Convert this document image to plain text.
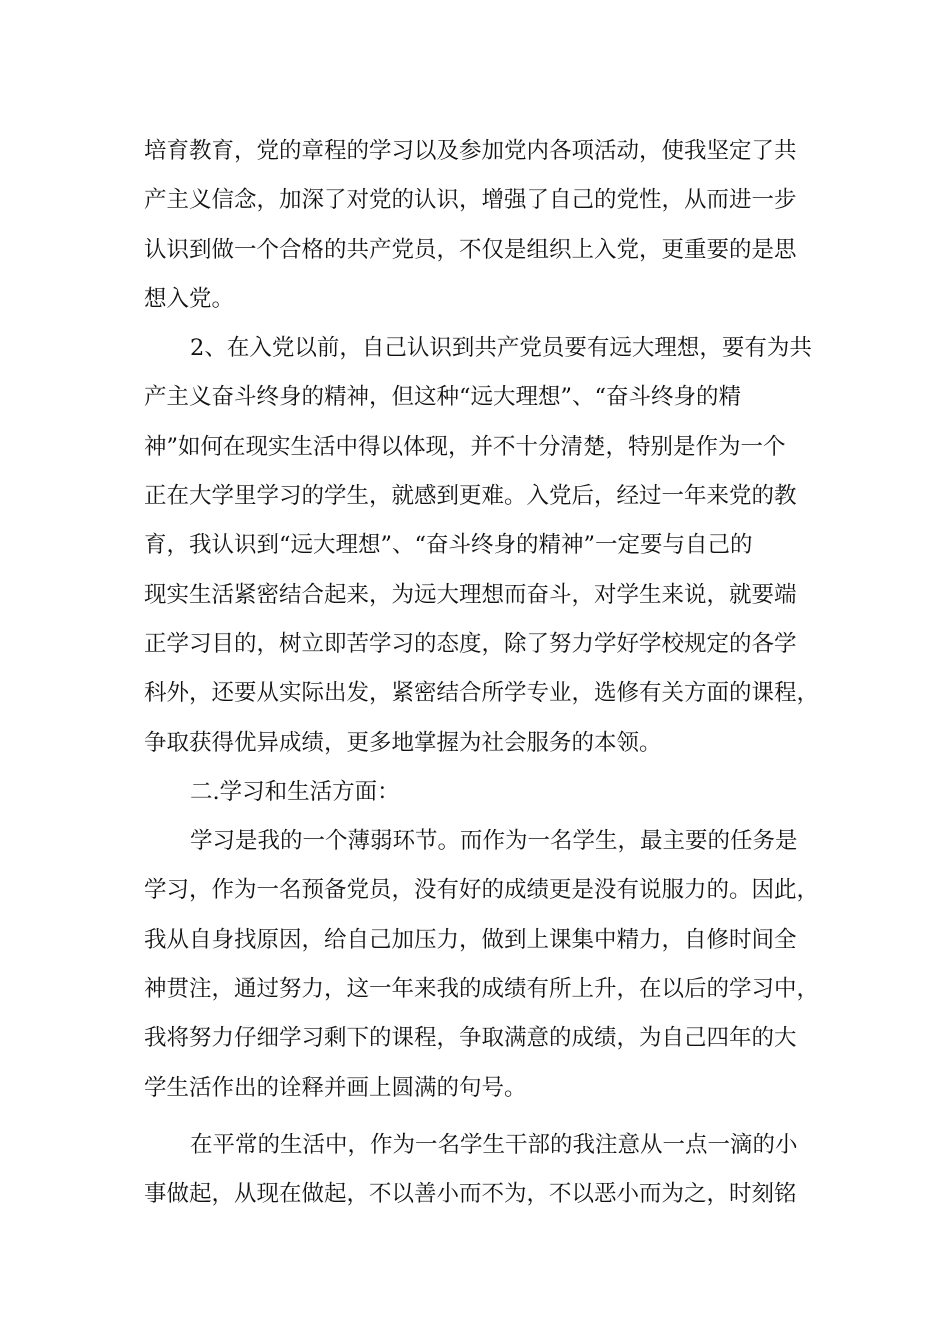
培育教育，党的章程的学习以及参加党内各项活动，使我坚定了共
产主义信念，加深了对党的认识，增强了自己的党性，从而进一步
认识到做一个合格的共产党员，不仅是组织上入党，更重要的是思
想入党。
2、在入党以前，自己认识到共产党员要有远大理想，要有为共
产主义奋斗终身的精神，但这种“远大理想”、“奋斗终身的精
神”如何在现实生活中得以体现，并不十分清楚，特别是作为一个
正在大学里学习的学生，就感到更难。入党后，经过一年来党的教
育，我认识到“远大理想”、“奋斗终身的精神”一定要与自己的
现实生活紧密结合起来，为远大理想而奋斗，对学生来说，就要端
正学习目的，树立即苦学习的态度，除了努力学好学校规定的各学
科外，还要从实际出发，紧密结合所学专业，选修有关方面的课程，
争取获得优异成绩，更多地掌握为社会服务的本领。
二.学习和生活方面：
学习是我的一个薄弱环节。而作为一名学生，最主要的任务是
学习，作为一名预备党员，没有好的成绩更是没有说服力的。因此，
我从自身找原因，给自己加压力，做到上课集中精力，自修时间全
神贯注，通过努力，这一年来我的成绩有所上升，在以后的学习中，
我将努力仔细学习剩下的课程，争取满意的成绩，为自己四年的大
学生活作出的诠释并画上圆满的句号。
在平常的生活中，作为一名学生干部的我注意从一点一滴的小
事做起，从现在做起，不以善小而不为，不以恶小而为之，时刻铭
